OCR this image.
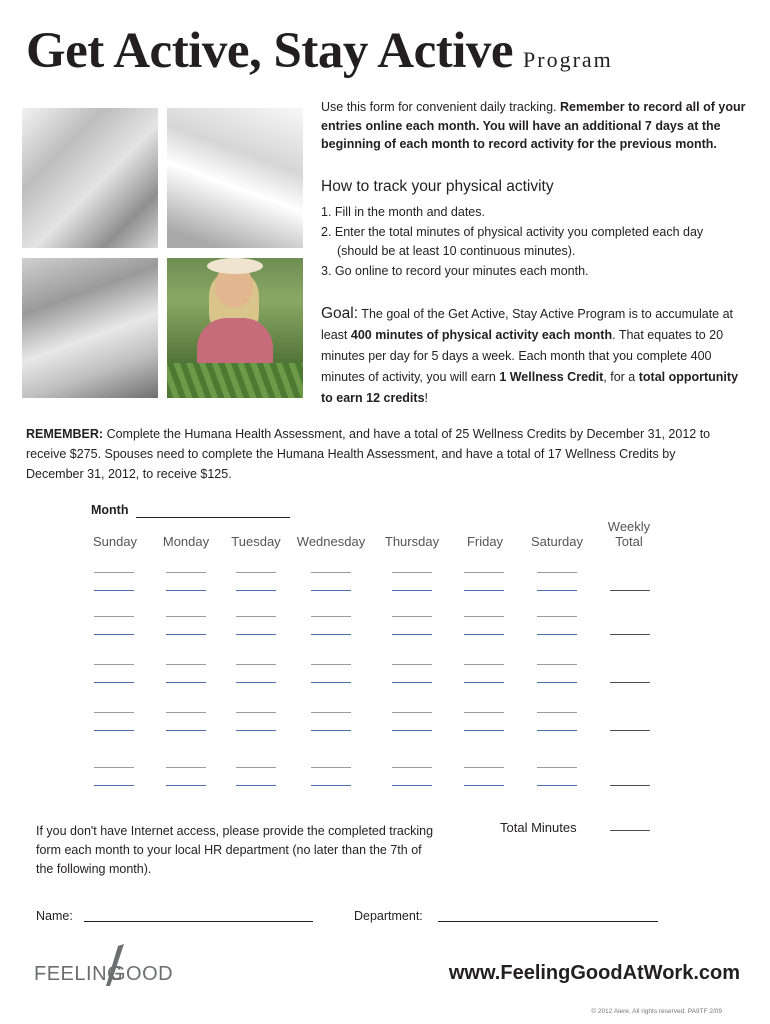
Get Active, Stay Active Program
Use this form for convenient daily tracking. Remember to record all of your entries online each month. You will have an additional 7 days at the beginning of each month to record activity for the previous month.
How to track your physical activity
1. Fill in the month and dates.
2. Enter the total minutes of physical activity you completed each day
(should be at least 10 continuous minutes).
3. Go online to record your minutes each month.
Goal: The goal of the Get Active, Stay Active Program is to accumulate at least 400 minutes of physical activity each month. That equates to 20 minutes per day for 5 days a week. Each month that you complete 400 minutes of activity, you will earn 1 Wellness Credit, for a total opportunity to earn 12 credits!
REMEMBER: Complete the Humana Health Assessment, and have a total of 25 Wellness Credits by December 31, 2012 to receive $275. Spouses need to complete the Humana Health Assessment, and have a total of 17 Wellness Credits by December 31, 2012, to receive $125.
Month
Sunday	Monday	Tuesday	Wednesday	Thursday	Friday	Saturday
Weekly
Total
Total Minutes
If you don't have Internet access, please provide the completed tracking form each month to your local HR department (no later than the 7th of the following month).
Name:	Department:
FEELING
GOOD	www.FeelingGoodAtWork.com
© 2012 Alere. All rights reserved. PA9TF 2/09
